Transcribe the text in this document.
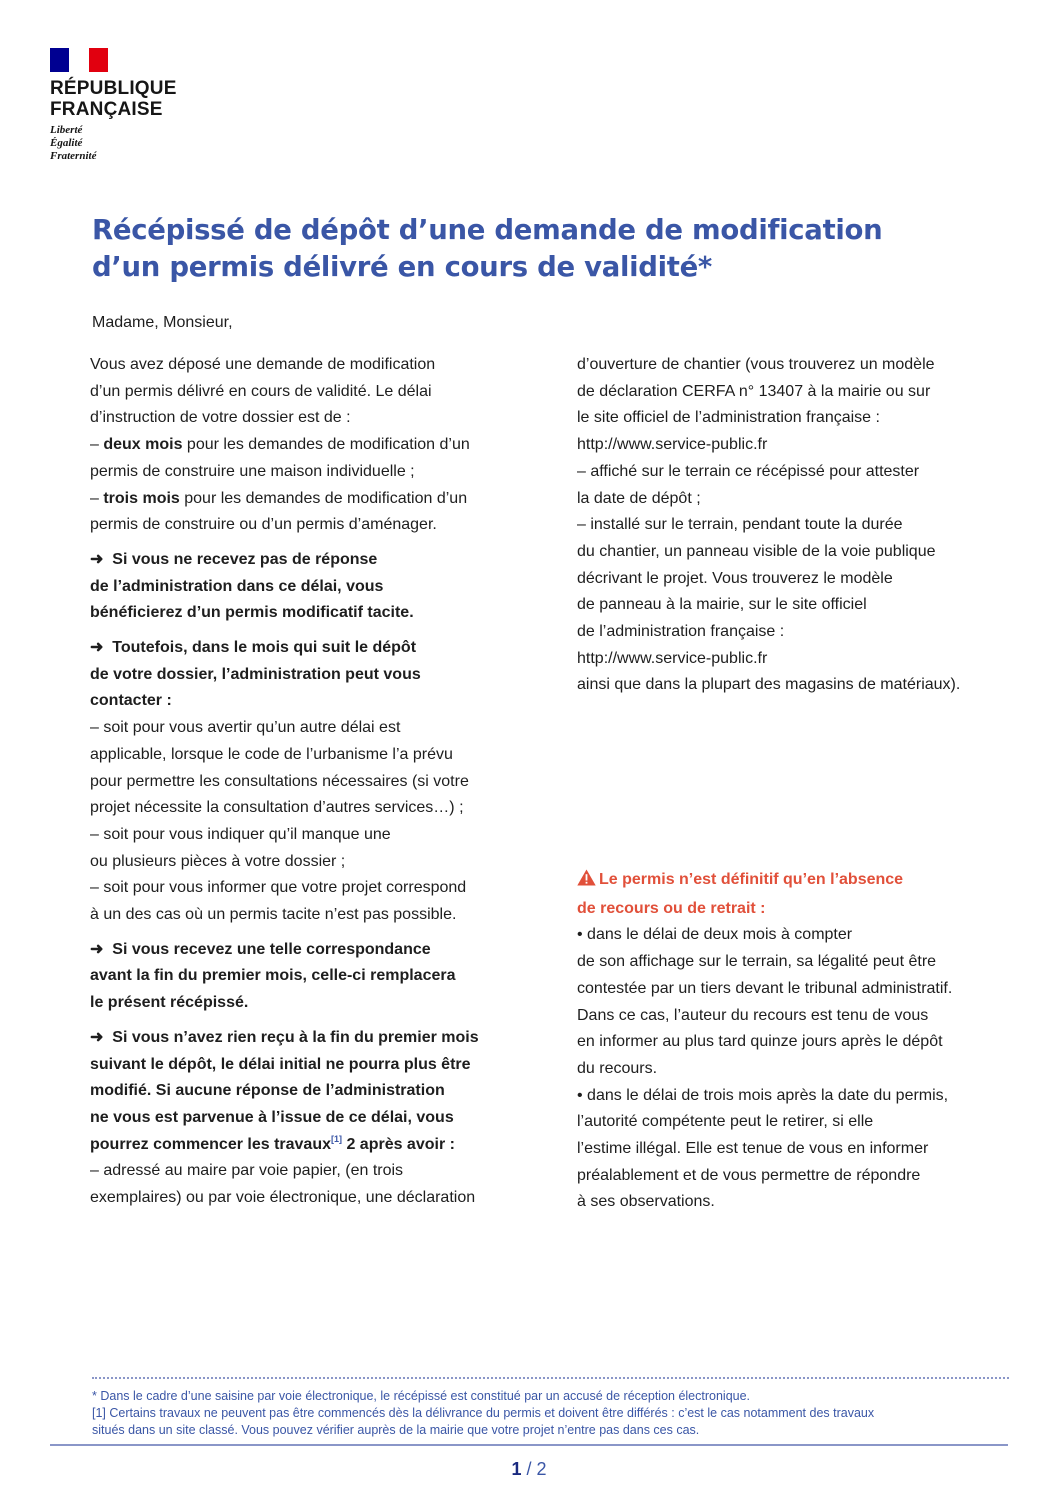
RÉPUBLIQUE
FRANÇAISE
Liberté
Égalité
Fraternité
Récépissé de dépôt d’une demande de modification
d’un permis délivré en cours de validité*
Madame, Monsieur,

Vous avez déposé une demande de modification
d’un permis délivré en cours de validité. Le délai
d’instruction de votre dossier est de :
– deux mois pour les demandes de modification d’un
permis de construire une maison individuelle ;
– trois mois pour les demandes de modification d’un
permis de construire ou d’un permis d’aménager.

➜ Si vous ne recevez pas de réponse
de l’administration dans ce délai, vous
bénéficierez d’un permis modificatif tacite.

➜ Toutefois, dans le mois qui suit le dépôt
de votre dossier, l’administration peut vous
contacter :
– soit pour vous avertir qu’un autre délai est
applicable, lorsque le code de l’urbanisme l’a prévu
pour permettre les consultations nécessaires (si votre
projet nécessite la consultation d’autres services…) ;
– soit pour vous indiquer qu’il manque une
ou plusieurs pièces à votre dossier ;
– soit pour vous informer que votre projet correspond
à un des cas où un permis tacite n’est pas possible.

➜ Si vous recevez une telle correspondance
avant la fin du premier mois, celle-ci remplacera
le présent récépissé.

➜ Si vous n’avez rien reçu à la fin du premier mois
suivant le dépôt, le délai initial ne pourra plus être
modifié. Si aucune réponse de l’administration
ne vous est parvenue à l’issue de ce délai, vous
pourrez commencer les travaux[1] 2 après avoir :
– adressé au maire par voie papier, (en trois
exemplaires) ou par voie électronique, une déclaration

d’ouverture de chantier (vous trouverez un modèle
de déclaration CERFA n° 13407 à la mairie ou sur
le site officiel de l’administration française :
http://www.service-public.fr
– affiché sur le terrain ce récépissé pour attester
la date de dépôt ;
– installé sur le terrain, pendant toute la durée
du chantier, un panneau visible de la voie publique
décrivant le projet. Vous trouverez le modèle
de panneau à la mairie, sur le site officiel
de l’administration française :
http://www.service-public.fr
ainsi que dans la plupart des magasins de matériaux).

Le permis n’est définitif qu’en l’absence
de recours ou de retrait :

• dans le délai de deux mois à compter
de son affichage sur le terrain, sa légalité peut être
contestée par un tiers devant le tribunal administratif.
Dans ce cas, l’auteur du recours est tenu de vous
en informer au plus tard quinze jours après le dépôt
du recours.
• dans le délai de trois mois après la date du permis,
l’autorité compétente peut le retirer, si elle
l’estime illégal. Elle est tenue de vous en informer
préalablement et de vous permettre de répondre
à ses observations.

* Dans le cadre d’une saisine par voie électronique, le récépissé est constitué par un accusé de réception électronique.

[1] Certains travaux ne peuvent pas être commencés dès la délivrance du permis et doivent être différés : c’est le cas notamment des travaux
situés dans un site classé. Vous pouvez vérifier auprès de la mairie que votre projet n’entre pas dans ces cas.

1 / 2
